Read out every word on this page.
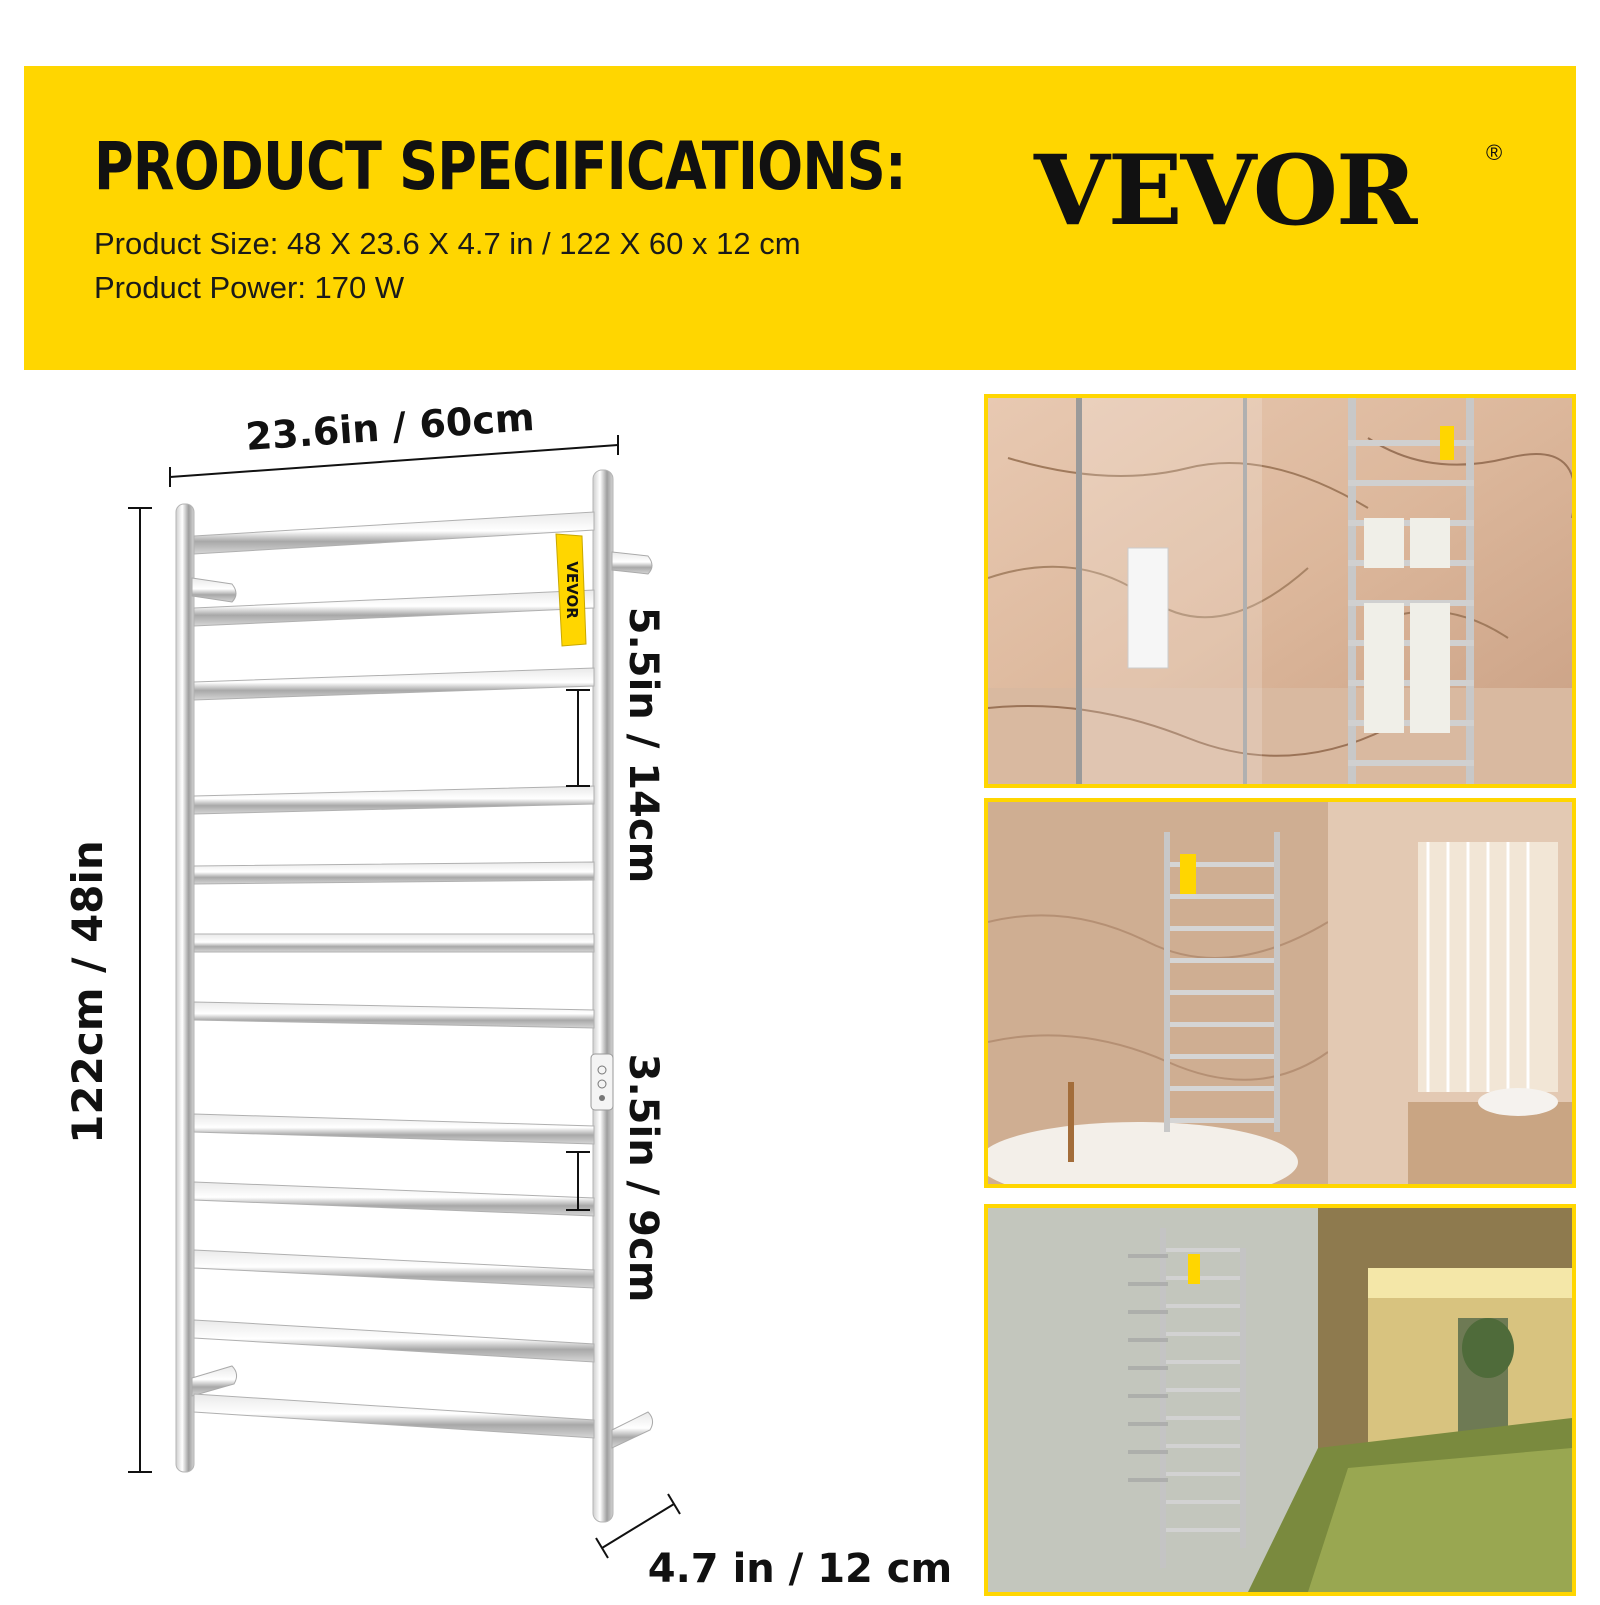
PRODUCT SPECIFICATIONS:
Product Size: 48 X 23.6 X 4.7 in / 122 X 60 x 12 cm
Product Power: 170 W
VEVOR	®
23.6in / 60cm
122cm / 48in
VEVOR
5.5in / 14cm
3.5in / 9cm
4.7 in / 12 cm
